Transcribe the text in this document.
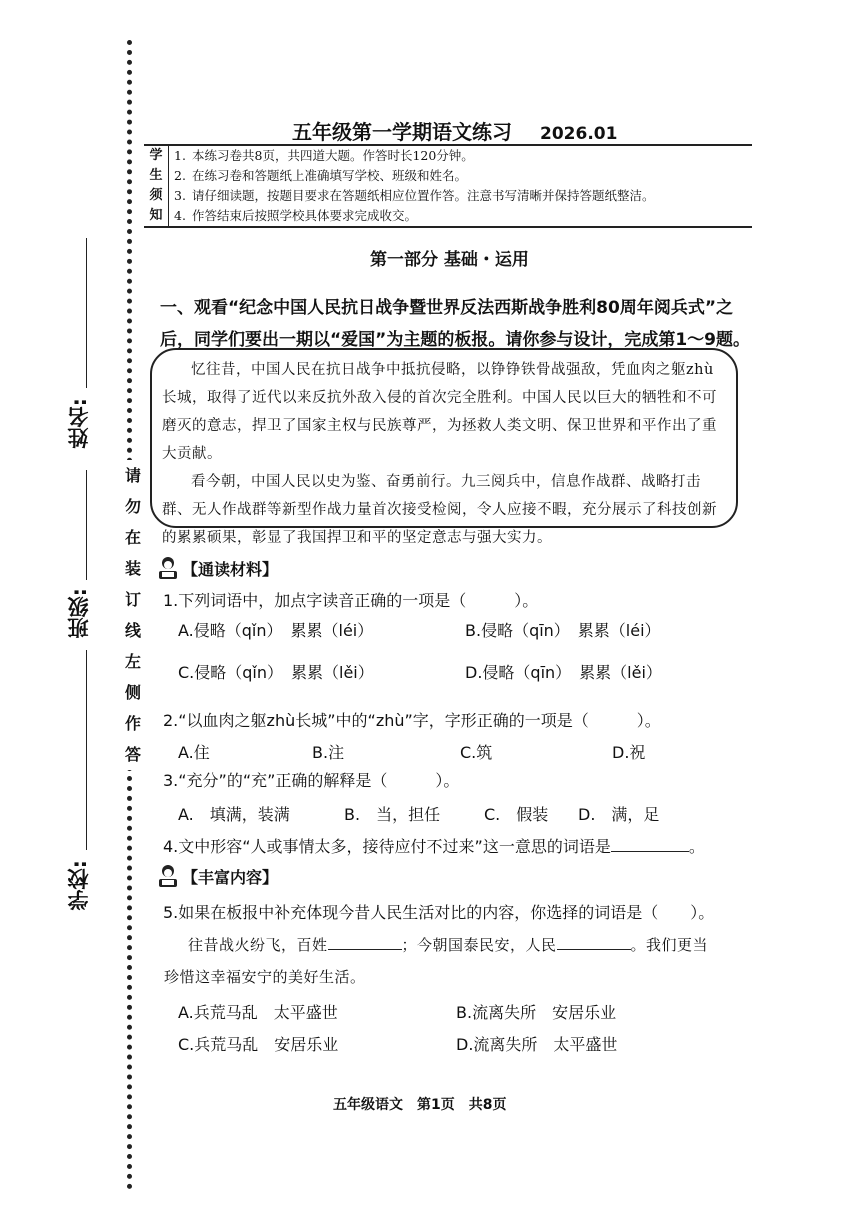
姓名:
班级:
学校:
请
勿
在
装
订
线
左
侧
作
答
五年级第一学期语文练习 2026.01
学
生
须
知
1. 本练习卷共8页，共四道大题。作答时长120分钟。
2. 在练习卷和答题纸上准确填写学校、班级和姓名。
3. 请仔细读题，按题目要求在答题纸相应位置作答。注意书写清晰并保持答题纸整洁。
4. 作答结束后按照学校具体要求完成收交。
第一部分 基础・运用
一、观看“纪念中国人民抗日战争暨世界反法西斯战争胜利80周年阅兵式”之后，同学们要出一期以“爱国”为主题的板报。请你参与设计，完成第1～9题。

忆往昔，中国人民在抗日战争中抵抗侵略，以铮铮铁骨战强敌，凭血肉之躯zhù长城，取得了近代以来反抗外敌入侵的首次完全胜利。中国人民以巨大的牺牲和不可磨灭的意志，捍卫了国家主权与民族尊严，为拯救人类文明、保卫世界和平作出了重大贡献。

看今朝，中国人民以史为鉴、奋勇前行。九三阅兵中，信息作战群、战略打击群、无人作战群等新型作战力量首次接受检阅，令人应接不暇，充分展示了科技创新的累累硕果，彰显了我国捍卫和平的坚定意志与强大实力。

【通读材料】
1.下列词语中，加点字读音正确的一项是（　　　）。
A.侵略（qǐn）　累累（léi）	B.侵略（qīn）　累累（léi）
C.侵略（qǐn）　累累（lěi）	D.侵略（qīn）　累累（lěi）
2.“以血肉之躯zhù长城”中的“zhù”字，字形正确的一项是（　　　）。
A.住	B.注	C.筑	D.祝
3.“充分”的“充”正确的解释是（　　　）。
A.　填满，装满	B.　当，担任	C.　假装 D.　满，足
4.文中形容“人或事情太多，接待应付不过来”这一意思的词语是	。
【丰富内容】
5.如果在板报中补充体现今昔人民生活对比的内容，你选择的词语是（　　）。
往昔战火纷飞，百姓	；今朝国泰民安，人民	。我们更当
珍惜这幸福安宁的美好生活。
A.兵荒马乱　太平盛世	B.流离失所　安居乐业
C.兵荒马乱　安居乐业	D.流离失所　太平盛世
五年级语文　第1页　共8页
